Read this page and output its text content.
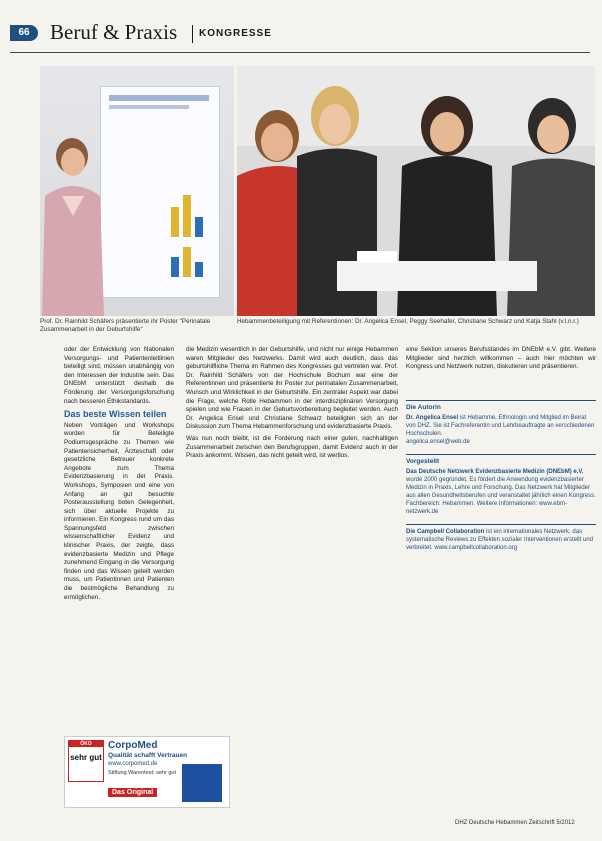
66 Beruf & Praxis KONGRESSE
Prof. Dr. Rainhild Schäfers präsentierte ihr Poster "Perinatale Zusammenarbeit in der Geburtshilfe"
Hebammenbeteiligung mit Referentinnen: Dr. Angelica Ensel, Peggy Seehafer, Christiane Schwarz und Katja Stahl (v.l.n.r.)

oder der Entwicklung von Nationalen Versorgungs- und Patientenleitlinien beteiligt sind, müssen unabhängig von den Interessen der Industrie sein. Das DNEbM unterstützt deshalb die Förderung der Versorgungsforschung nach besseren Ethikstandards.

Das beste Wissen teilen

Neben Vorträgen und Workshops wurden für Beteiligte Podiumsgespräche zu Themen wie Patientensicherheit, Ärzteschaft oder gesetzliche Betreuer konkrete Angebote zum Thema Evidenzbasierung in der Praxis. Workshops, Symposien und eine von Anfang an gut besuchte Posterausstellung boten Gelegenheit, sich über aktuelle Projekte zu informieren. Ein Kongress rund um das Spannungsfeld zwischen wissenschaftlicher Evidenz und klinischer Praxis, der zeigte, dass evidenzbasierte Medizin und Pflege zunehmend Eingang in die Versorgung finden und das Wissen geteilt werden muss, um Patientinnen und Patienten die bestmögliche Behandlung zu ermöglichen.

die Medizin wesentlich in der Geburtshilfe, und nicht nur einige Hebammen waren Mitglieder des Netzwerks. Damit wird auch deutlich, dass das geburtshilfliche Thema im Rahmen des Kongresses gut vertreten war. Prof. Dr. Rainhild Schäfers von der Hochschule Bochum war eine der Referentinnen und präsentierte ihr Poster zur perinatalen Zusammenarbeit, Wunsch und Wirklichkeit in der Geburtshilfe. Ein zentraler Aspekt war dabei die Frage, welche Rolle Hebammen in der interdisziplinären Versorgung spielen und wie Frauen in der Geburtsvorbereitung begleitet werden. Auch Dr. Angelica Ensel und Christiane Schwarz beteiligten sich an der Diskussion zum Thema Hebammenforschung und evidenzbasierte Praxis.

Was nun noch bleibt, ist die Forderung nach einer guten, nachhaltigen Zusammenarbeit zwischen den Berufsgruppen, damit Evidenz auch in der Praxis ankommt. Wissen, das nicht geteilt wird, ist wertlos.

eine Sektion unseres Berufsstandes im DNEbM e.V. gibt. Weitere Mitglieder sind herzlich willkommen – auch hier möchten wir Kongress und Netzwerk nutzen, diskutieren und präsentieren.

Die Autorin
Dr. Angelica Ensel ist Hebamme, Ethnologin und Mitglied im Beirat von DHZ. Sie ist Fachreferentin und Lehrbeauftragte an verschiedenen Hochschulen.
angelica.ensel@web.de
Vorgestellt
Das Deutsche Netzwerk Evidenzbasierte Medizin (DNEbM) e.V. wurde 2000 gegründet. Es fördert die Anwendung evidenzbasierter Medizin in Praxis, Lehre und Forschung. Das Netzwerk hat Mitglieder aus allen Gesundheitsberufen und veranstaltet jährlich einen Kongress. Fachbereich: Hebammen. Weitere Informationen: www.ebm-netzwerk.de
Die Campbell Collaboration ist ein internationales Netzwerk, das systematische Reviews zu Effekten sozialer Interventionen erstellt und verbreitet. www.campbellcollaboration.org
ÖKO
sehr gut
CorpoMed
Qualität schafft Vertrauen
www.corpomed.de
Stiftung Warentest: sehr gut
Das Original
DHZ Deutsche Hebammen Zeitschrift 5/2012
